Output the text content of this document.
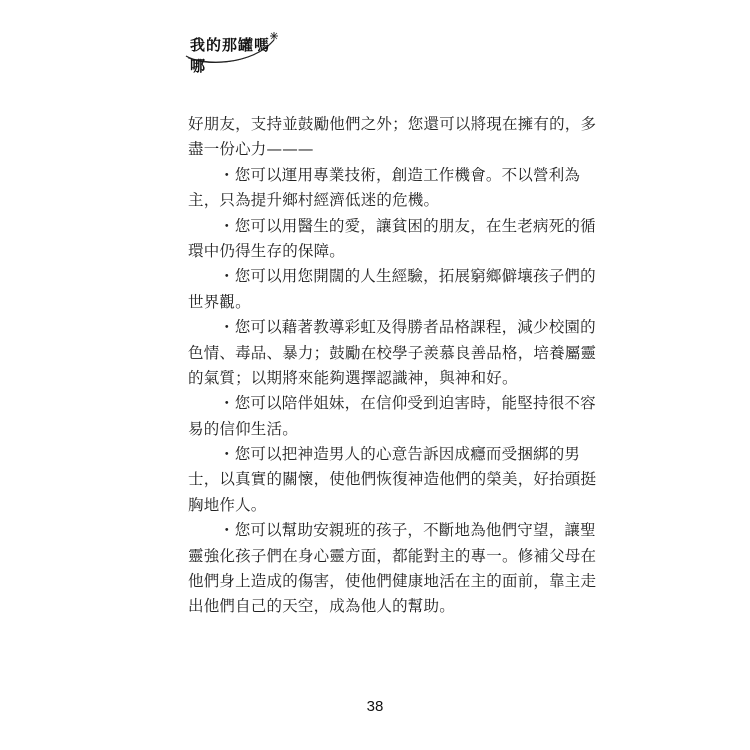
我的那罐嗎哪
好朋友，支持並鼓勵他們之外；您還可以將現在擁有的，多
盡一份心力———
・您可以運用專業技術，創造工作機會。不以營利為
主，只為提升鄉村經濟低迷的危機。
・您可以用醫生的愛，讓貧困的朋友，在生老病死的循
環中仍得生存的保障。
・您可以用您開闊的人生經驗，拓展窮鄉僻壤孩子們的
世界觀。
・您可以藉著教導彩虹及得勝者品格課程，減少校園的
色情、毒品、暴力；鼓勵在校學子羨慕良善品格，培養屬靈
的氣質；以期將來能夠選擇認識神，與神和好。
・您可以陪伴姐妹，在信仰受到迫害時，能堅持很不容
易的信仰生活。
・您可以把神造男人的心意告訴因成癮而受捆綁的男
士，以真實的關懷，使他們恢復神造他們的榮美，好抬頭挺
胸地作人。
・您可以幫助安親班的孩子，不斷地為他們守望，讓聖
靈強化孩子們在身心靈方面，都能對主的專一。修補父母在
他們身上造成的傷害，使他們健康地活在主的面前，靠主走
出他們自己的天空，成為他人的幫助。
38
